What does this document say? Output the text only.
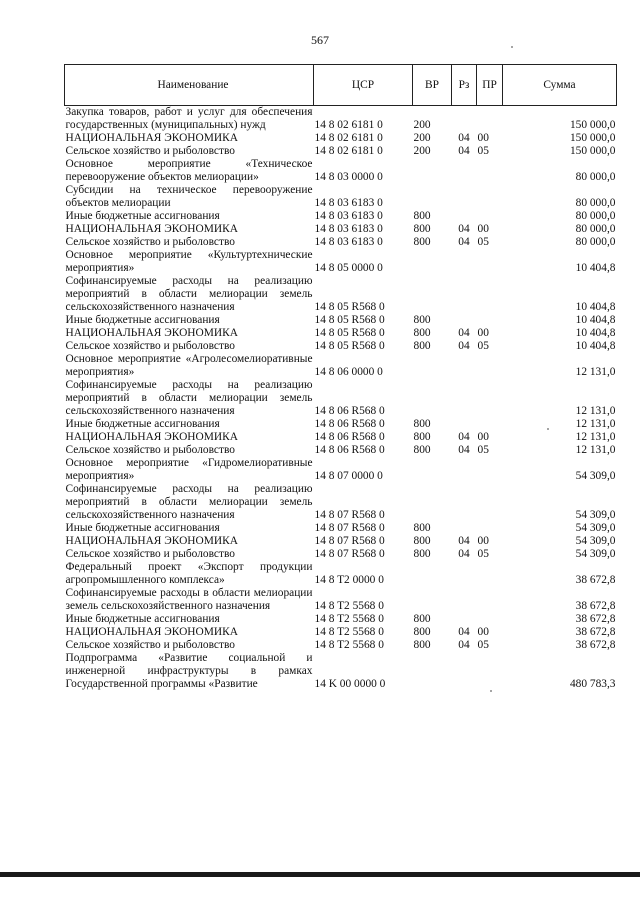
567
Наименование	ЦСР	ВР	Рз	ПР	Сумма
Закупка товаров, работ и услуг для обеспечения государственных (муниципальных) нужд	14 8 02 6181 0	200			150 000,0
НАЦИОНАЛЬНАЯ ЭКОНОМИКА	14 8 02 6181 0	200	04	00	150 000,0
Сельское хозяйство и рыболовство	14 8 02 6181 0	200	04	05	150 000,0
Основное мероприятие «Техническое перевооружение объектов мелиорации»	14 8 03 0000 0				80 000,0
Субсидии на техническое перевооружение объектов мелиорации	14 8 03 6183 0				80 000,0
Иные бюджетные ассигнования	14 8 03 6183 0	800			80 000,0
НАЦИОНАЛЬНАЯ ЭКОНОМИКА	14 8 03 6183 0	800	04	00	80 000,0
Сельское хозяйство и рыболовство	14 8 03 6183 0	800	04	05	80 000,0
Основное мероприятие «Культуртехнические мероприятия»	14 8 05 0000 0				10 404,8
Софинансируемые расходы на реализацию мероприятий в области мелиорации земель сельскохозяйственного назначения	14 8 05 R568 0				10 404,8
Иные бюджетные ассигнования	14 8 05 R568 0	800			10 404,8
НАЦИОНАЛЬНАЯ ЭКОНОМИКА	14 8 05 R568 0	800	04	00	10 404,8
Сельское хозяйство и рыболовство	14 8 05 R568 0	800	04	05	10 404,8
Основное мероприятие «Агролесомелиоративные мероприятия»	14 8 06 0000 0				12 131,0
Софинансируемые расходы на реализацию мероприятий в области мелиорации земель сельскохозяйственного назначения	14 8 06 R568 0				12 131,0
Иные бюджетные ассигнования	14 8 06 R568 0	800			12 131,0
НАЦИОНАЛЬНАЯ ЭКОНОМИКА	14 8 06 R568 0	800	04	00	12 131,0
Сельское хозяйство и рыболовство	14 8 06 R568 0	800	04	05	12 131,0
Основное мероприятие «Гидромелиоративные мероприятия»	14 8 07 0000 0				54 309,0
Софинансируемые расходы на реализацию мероприятий в области мелиорации земель сельскохозяйственного назначения	14 8 07 R568 0				54 309,0
Иные бюджетные ассигнования	14 8 07 R568 0	800			54 309,0
НАЦИОНАЛЬНАЯ ЭКОНОМИКА	14 8 07 R568 0	800	04	00	54 309,0
Сельское хозяйство и рыболовство	14 8 07 R568 0	800	04	05	54 309,0
Федеральный проект «Экспорт продукции агропромышленного комплекса»	14 8 T2 0000 0				38 672,8
Софинансируемые расходы в области мелиорации земель сельскохозяйственного назначения	14 8 T2 5568 0				38 672,8
Иные бюджетные ассигнования	14 8 T2 5568 0	800			38 672,8
НАЦИОНАЛЬНАЯ ЭКОНОМИКА	14 8 T2 5568 0	800	04	00	38 672,8
Сельское хозяйство и рыболовство	14 8 T2 5568 0	800	04	05	38 672,8
Подпрограмма «Развитие социальной и инженерной инфраструктуры в рамках Государственной программы «Развитие	14 K 00 0000 0				480 783,3
